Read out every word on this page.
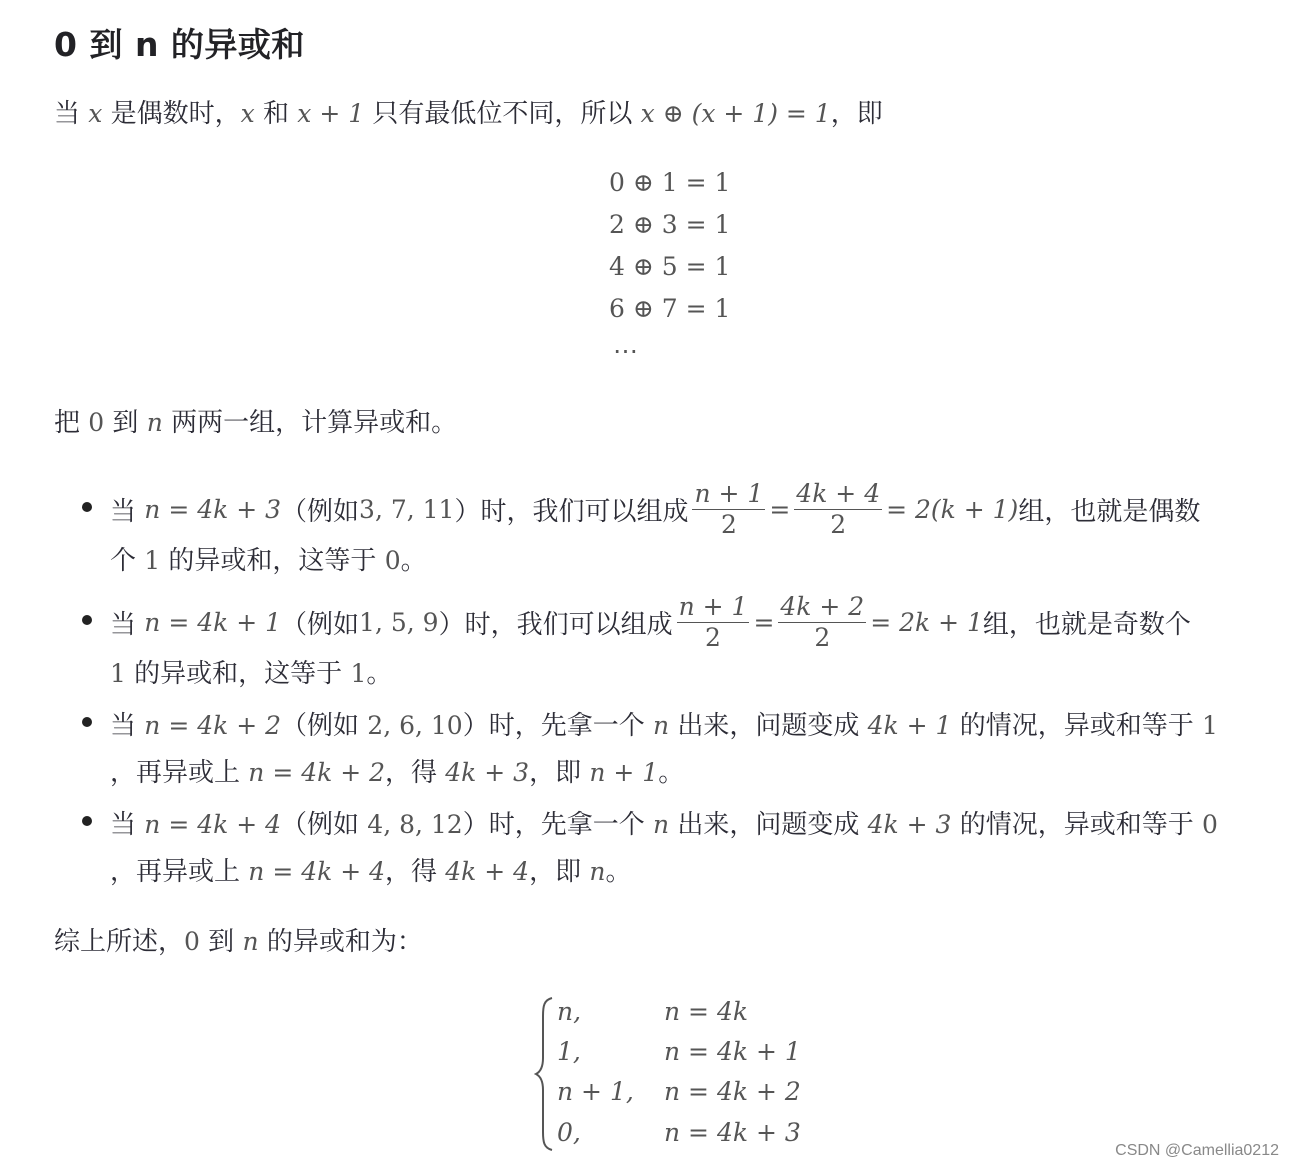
0 到 n 的异或和
当 x 是偶数时，x 和 x + 1 只有最低位不同，所以 x ⊕ (x + 1) = 1，即
0 ⊕ 1 = 1
2 ⊕ 3 = 1
4 ⊕ 5 = 1
6 ⊕ 7 = 1
⋯
把 0 到 n 两两一组，计算异或和。
当
n = 4k + 3 （例如 3, 7, 11 ）时，我们可以组成 $\frac{n + 1}{2} = \frac{4k + 4}{2} = 2(k + 1)$ 组，也就是偶数
个 1 的异或和，这等于 0。
当
n = 4k + 1 （例如 1, 5, 9 ）时，我们可以组成 $\frac{n + 1}{2} = \frac{4k + 2}{2} = 2k + 1$ 组，也就是奇数个
1 的异或和，这等于 1。
当 n = 4k + 2（例如 2, 6, 10）时，先拿一个 n 出来，问题变成 4k + 1 的情况，异或和等于 1
，再异或上 n = 4k + 2，得 4k + 3，即 n + 1。
当 n = 4k + 4（例如 4, 8, 12）时，先拿一个 n 出来，问题变成 4k + 3 的情况，异或和等于 0
，再异或上 n = 4k + 4，得 4k + 4，即 n。
综上所述，0 到 n 的异或和为：
n,	n = 4k
1,	n = 4k + 1
n + 1, n = 4k + 2
0,	n = 4k + 3
CSDN @Camellia0212
